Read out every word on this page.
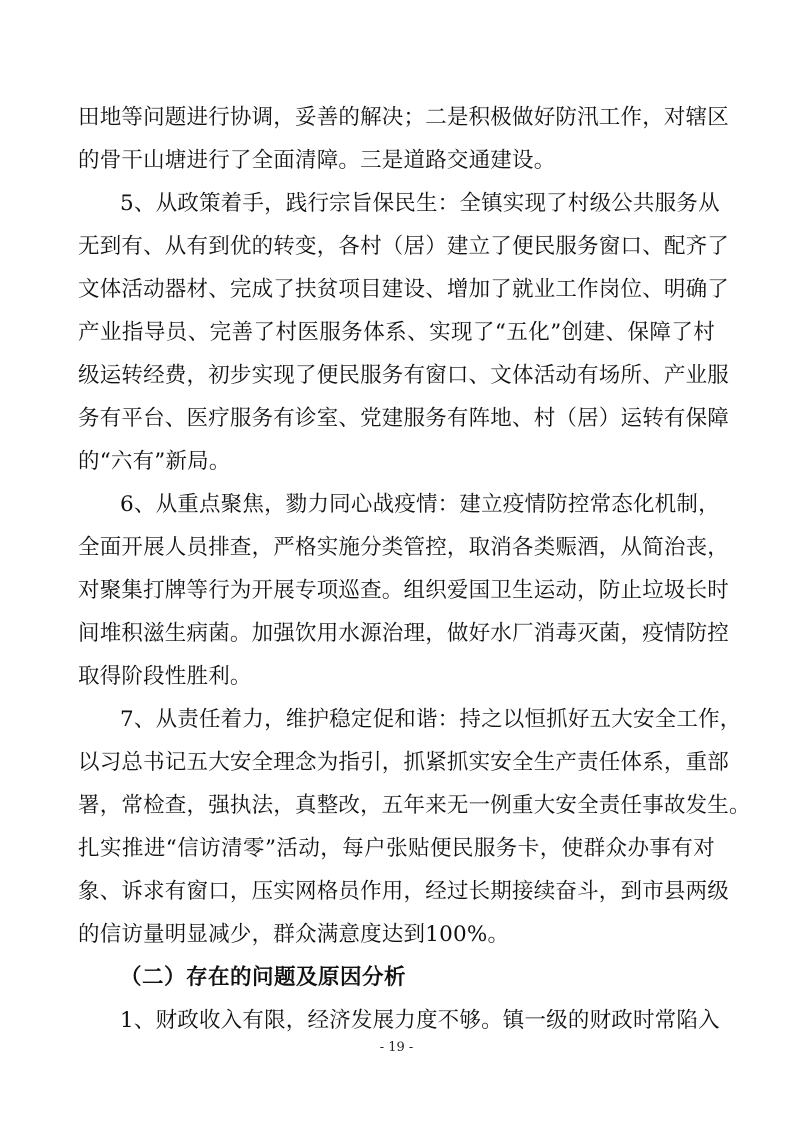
田地等问题进行协调，妥善的解决；二是积极做好防汛工作，对辖区
的骨干山塘进行了全面清障。三是道路交通建设。
5、从政策着手，践行宗旨保民生：全镇实现了村级公共服务从
无到有、从有到优的转变，各村（居）建立了便民服务窗口、配齐了
文体活动器材、完成了扶贫项目建设、增加了就业工作岗位、明确了
产业指导员、完善了村医服务体系、实现了“五化”创建、保障了村
级运转经费，初步实现了便民服务有窗口、文体活动有场所、产业服
务有平台、医疗服务有诊室、党建服务有阵地、村（居）运转有保障
的“六有”新局。
6、从重点聚焦，勠力同心战疫情：建立疫情防控常态化机制，
全面开展人员排查，严格实施分类管控，取消各类赈酒，从简治丧，
对聚集打牌等行为开展专项巡查。组织爱国卫生运动，防止垃圾长时
间堆积滋生病菌。加强饮用水源治理，做好水厂消毒灭菌，疫情防控
取得阶段性胜利。
7、从责任着力，维护稳定促和谐：持之以恒抓好五大安全工作，
以习总书记五大安全理念为指引，抓紧抓实安全生产责任体系，重部
署，常检查，强执法，真整改，五年来无一例重大安全责任事故发生。
扎实推进“信访清零”活动，每户张贴便民服务卡，使群众办事有对
象、诉求有窗口，压实网格员作用，经过长期接续奋斗，到市县两级
的信访量明显减少，群众满意度达到100%。
（二）存在的问题及原因分析
1、财政收入有限，经济发展力度不够。镇一级的财政时常陷入
- 19 -
